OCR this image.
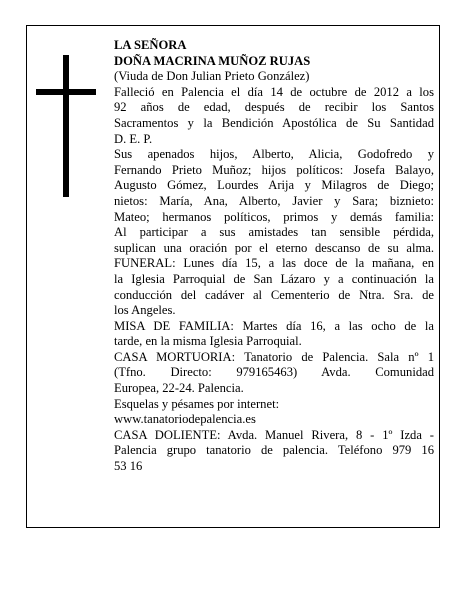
LA SEÑORA
DOÑA MACRINA MUÑOZ RUJAS
(Viuda de Don Julian Prieto González)
Falleció en Palencia el día 14 de octubre de 2012 a los
92 años de edad, después de recibir los Santos
Sacramentos y la Bendición Apostólica de Su Santidad
D. E. P.
Sus apenados hijos, Alberto, Alicia, Godofredo y
Fernando Prieto Muñoz; hijos políticos: Josefa Balayo,
Augusto Gómez, Lourdes Arija y Milagros de Diego;
nietos: María, Ana, Alberto, Javier y Sara; biznieto:
Mateo; hermanos políticos, primos y demás familia:
Al participar a sus amistades tan sensible pérdida,
suplican una oración por el eterno descanso de su alma.
FUNERAL: Lunes día 15, a las doce de la mañana, en
la Iglesia Parroquial de San Lázaro y a continuación la
conducción del cadáver al Cementerio de Ntra. Sra. de
los Angeles.
MISA DE FAMILIA: Martes día 16, a las ocho de la
tarde, en la misma Iglesia Parroquial.
CASA MORTUORIA: Tanatorio de Palencia. Sala nº 1
(Tfno. Directo: 979165463) Avda. Comunidad
Europea, 22-24. Palencia.
Esquelas y pésames por internet:
www.tanatoriodepalencia.es
CASA DOLIENTE: Avda. Manuel Rivera, 8 - 1º Izda -
Palencia grupo tanatorio de palencia. Teléfono 979 16
53 16
